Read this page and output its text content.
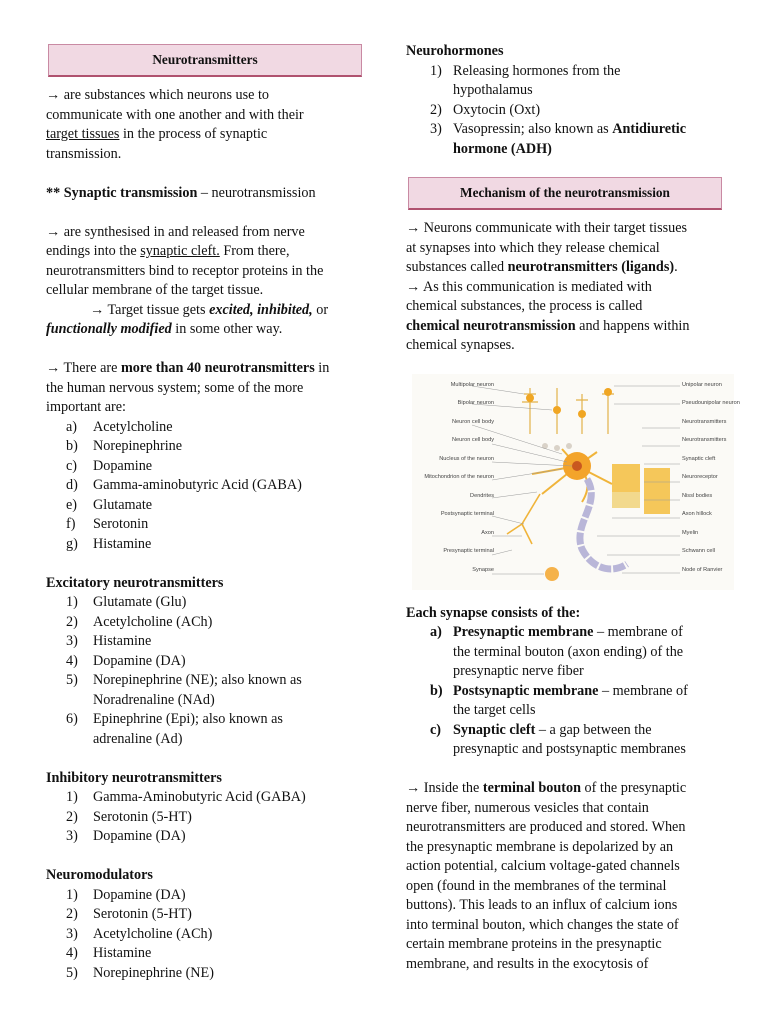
Neurotransmitters

→ are substances which neurons use to

communicate with one another and with their

target tissues in the process of synaptic

transmission.

** Synaptic transmission – neurotransmission

→ are synthesised in and released from nerve

endings into the synaptic cleft. From there,

neurotransmitters bind to receptor proteins in the

cellular membrane of the target tissue.

→ Target tissue gets excited, inhibited, or

functionally modified in some other way.

→ There are more than 40 neurotransmitters in

the human nervous system; some of the more

important are:

a) Acetylcholine
b) Norepinephrine
c) Dopamine
d) Gamma-aminobutyric Acid (GABA)
e) Glutamate
f) Serotonin
g) Histamine

Excitatory neurotransmitters

1) Glutamate (Glu)
2) Acetylcholine (ACh)
3) Histamine
4) Dopamine (DA)
5) Norepinephrine (NE); also known as
Noradrenaline (NAd)
6) Epinephrine (Epi); also known as
adrenaline (Ad)

Inhibitory neurotransmitters

1) Gamma-Aminobutyric Acid (GABA)
2) Serotonin (5-HT)
3) Dopamine (DA)

Neuromodulators

1) Dopamine (DA)
2) Serotonin (5-HT)
3) Acetylcholine (ACh)
4) Histamine
5) Norepinephrine (NE)

Neurohormones

1) Releasing hormones from the
hypothalamus
2) Oxytocin (Oxt)
3) Vasopressin; also known as Antidiuretic
hormone (ADH)
Mechanism of the neurotransmission

→ Neurons communicate with their target tissues

at synapses into which they release chemical

substances called neurotransmitters (ligands).

→ As this communication is mediated with

chemical substances, the process is called

chemical neurotransmission and happens within

chemical synapses.

Multipolar neuron
Bipolar neuron
Neuron cell body
Neuron cell body
Nucleus of the neuron
Mitochondrion of the neuron
Dendrites
Postsynaptic terminal
Axon
Presynaptic terminal
Synapse
Unipolar neuron
Pseudounipolar neuron
Neurotransmitters
Neurotransmitters
Synaptic cleft
Neuroreceptor
Nissl bodies
Axon hillock
Myelin
Schwann cell
Node of Ranvier

Each synapse consists of the:

a) Presynaptic membrane – membrane of
the terminal bouton (axon ending) of the
presynaptic nerve fiber
b) Postsynaptic membrane – membrane of
the target cells
c) Synaptic cleft – a gap between the
presynaptic and postsynaptic membranes

→ Inside the terminal bouton of the presynaptic

nerve fiber, numerous vesicles that contain

neurotransmitters are produced and stored. When

the presynaptic membrane is depolarized by an

action potential, calcium voltage-gated channels

open (found in the membranes of the terminal

buttons). This leads to an influx of calcium ions

into terminal bouton, which changes the state of

certain membrane proteins in the presynaptic

membrane, and results in the exocytosis of
